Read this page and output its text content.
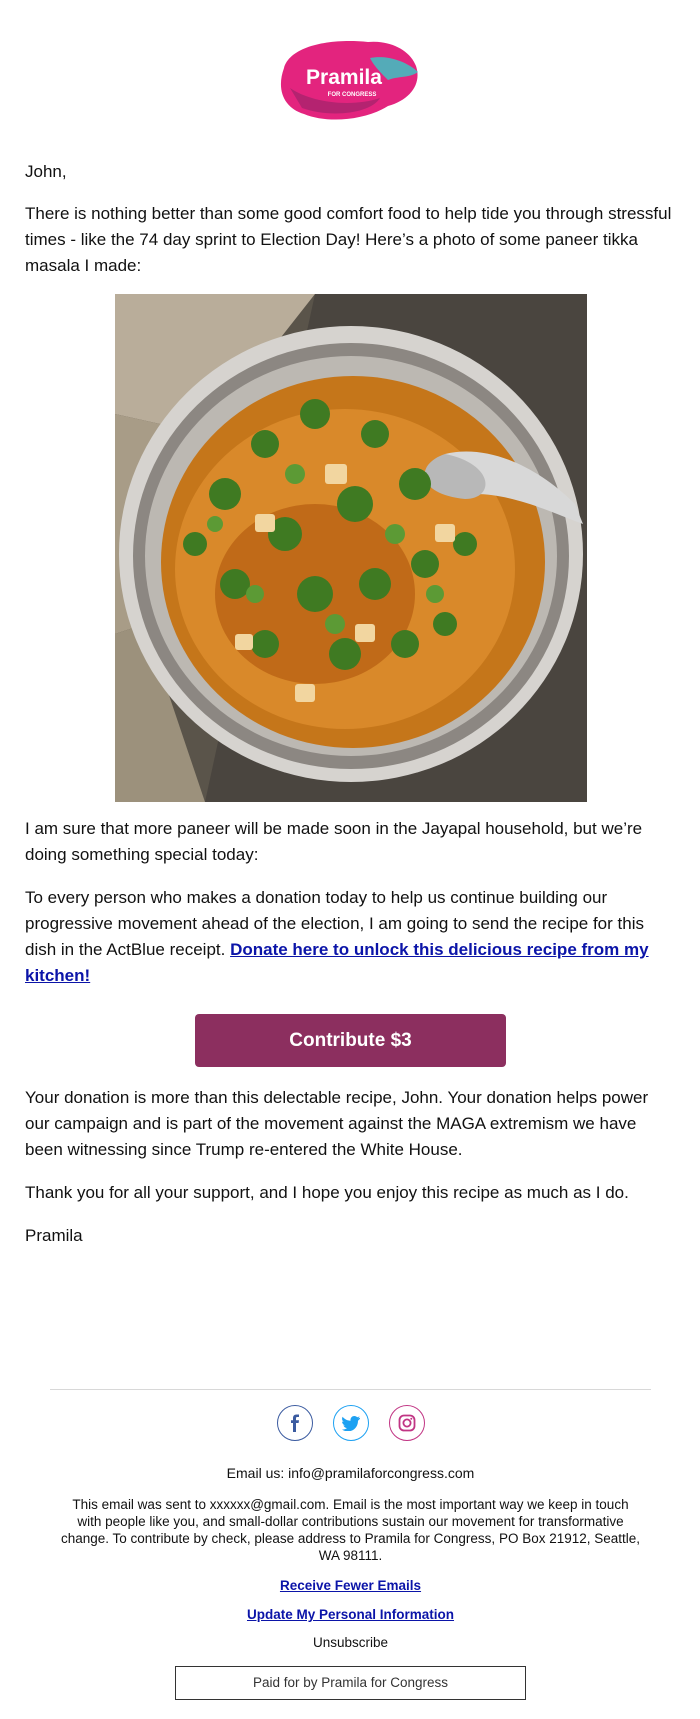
Pramila
FOR CONGRESS

John,

There is nothing better than some good comfort food to help tide you through stressful times - like the 74 day sprint to Election Day! Here’s a photo of some paneer tikka masala I made:

I am sure that more paneer will be made soon in the Jayapal household, but we’re doing something special today:

To every person who makes a donation today to help us continue building our progressive movement ahead of the election, I am going to send the recipe for this dish in the ActBlue receipt. Donate here to unlock this delicious recipe from my kitchen!

Contribute $3

Your donation is more than this delectable recipe, John. Your donation helps power our campaign and is part of the movement against the MAGA extremism we have been witnessing since Trump re-entered the White House.

Thank you for all your support, and I hope you enjoy this recipe as much as I do.

Pramila

Email us: info@pramilaforcongress.com
This email was sent to xxxxxx@gmail.com. Email is the most important way we keep in touch with people like you, and small-dollar contributions sustain our movement for transformative change. To contribute by check, please address to Pramila for Congress, PO Box 21912, Seattle, WA 98111.
Receive Fewer Emails
Update My Personal Information
Unsubscribe
Paid for by Pramila for Congress
